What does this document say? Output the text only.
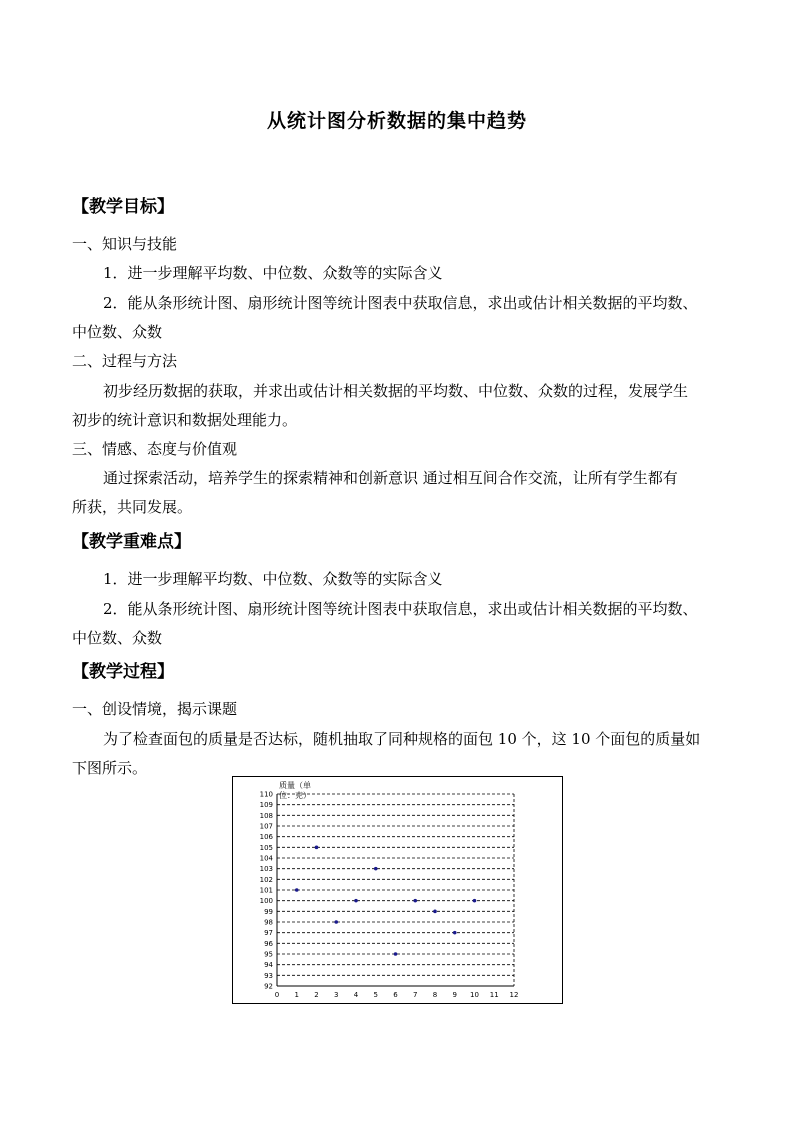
从统计图分析数据的集中趋势
【教学目标】

一、知识与技能

1．进一步理解平均数、中位数、众数等的实际含义

2．能从条形统计图、扇形统计图等统计图表中获取信息，求出或估计相关数据的平均数、

中位数、众数

二、过程与方法

初步经历数据的获取，并求出或估计相关数据的平均数、中位数、众数的过程，发展学生

初步的统计意识和数据处理能力。

三、情感、态度与价值观

通过探索活动，培养学生的探索精神和创新意识 通过相互间合作交流，让所有学生都有

所获，共同发展。

【教学重难点】

1．进一步理解平均数、中位数、众数等的实际含义

2．能从条形统计图、扇形统计图等统计图表中获取信息，求出或估计相关数据的平均数、

中位数、众数

【教学过程】

一、创设情境，揭示课题

为了检查面包的质量是否达标，随机抽取了同种规格的面包 10 个，这 10 个面包的质量如

下图所示。

92
93
94
95
96
97
98
99
100
101
102
103
104
105
106
107
108
109
110
0 1 2 3 4 5 6 7 8 9 10 11 12
质量（单
位：克）
